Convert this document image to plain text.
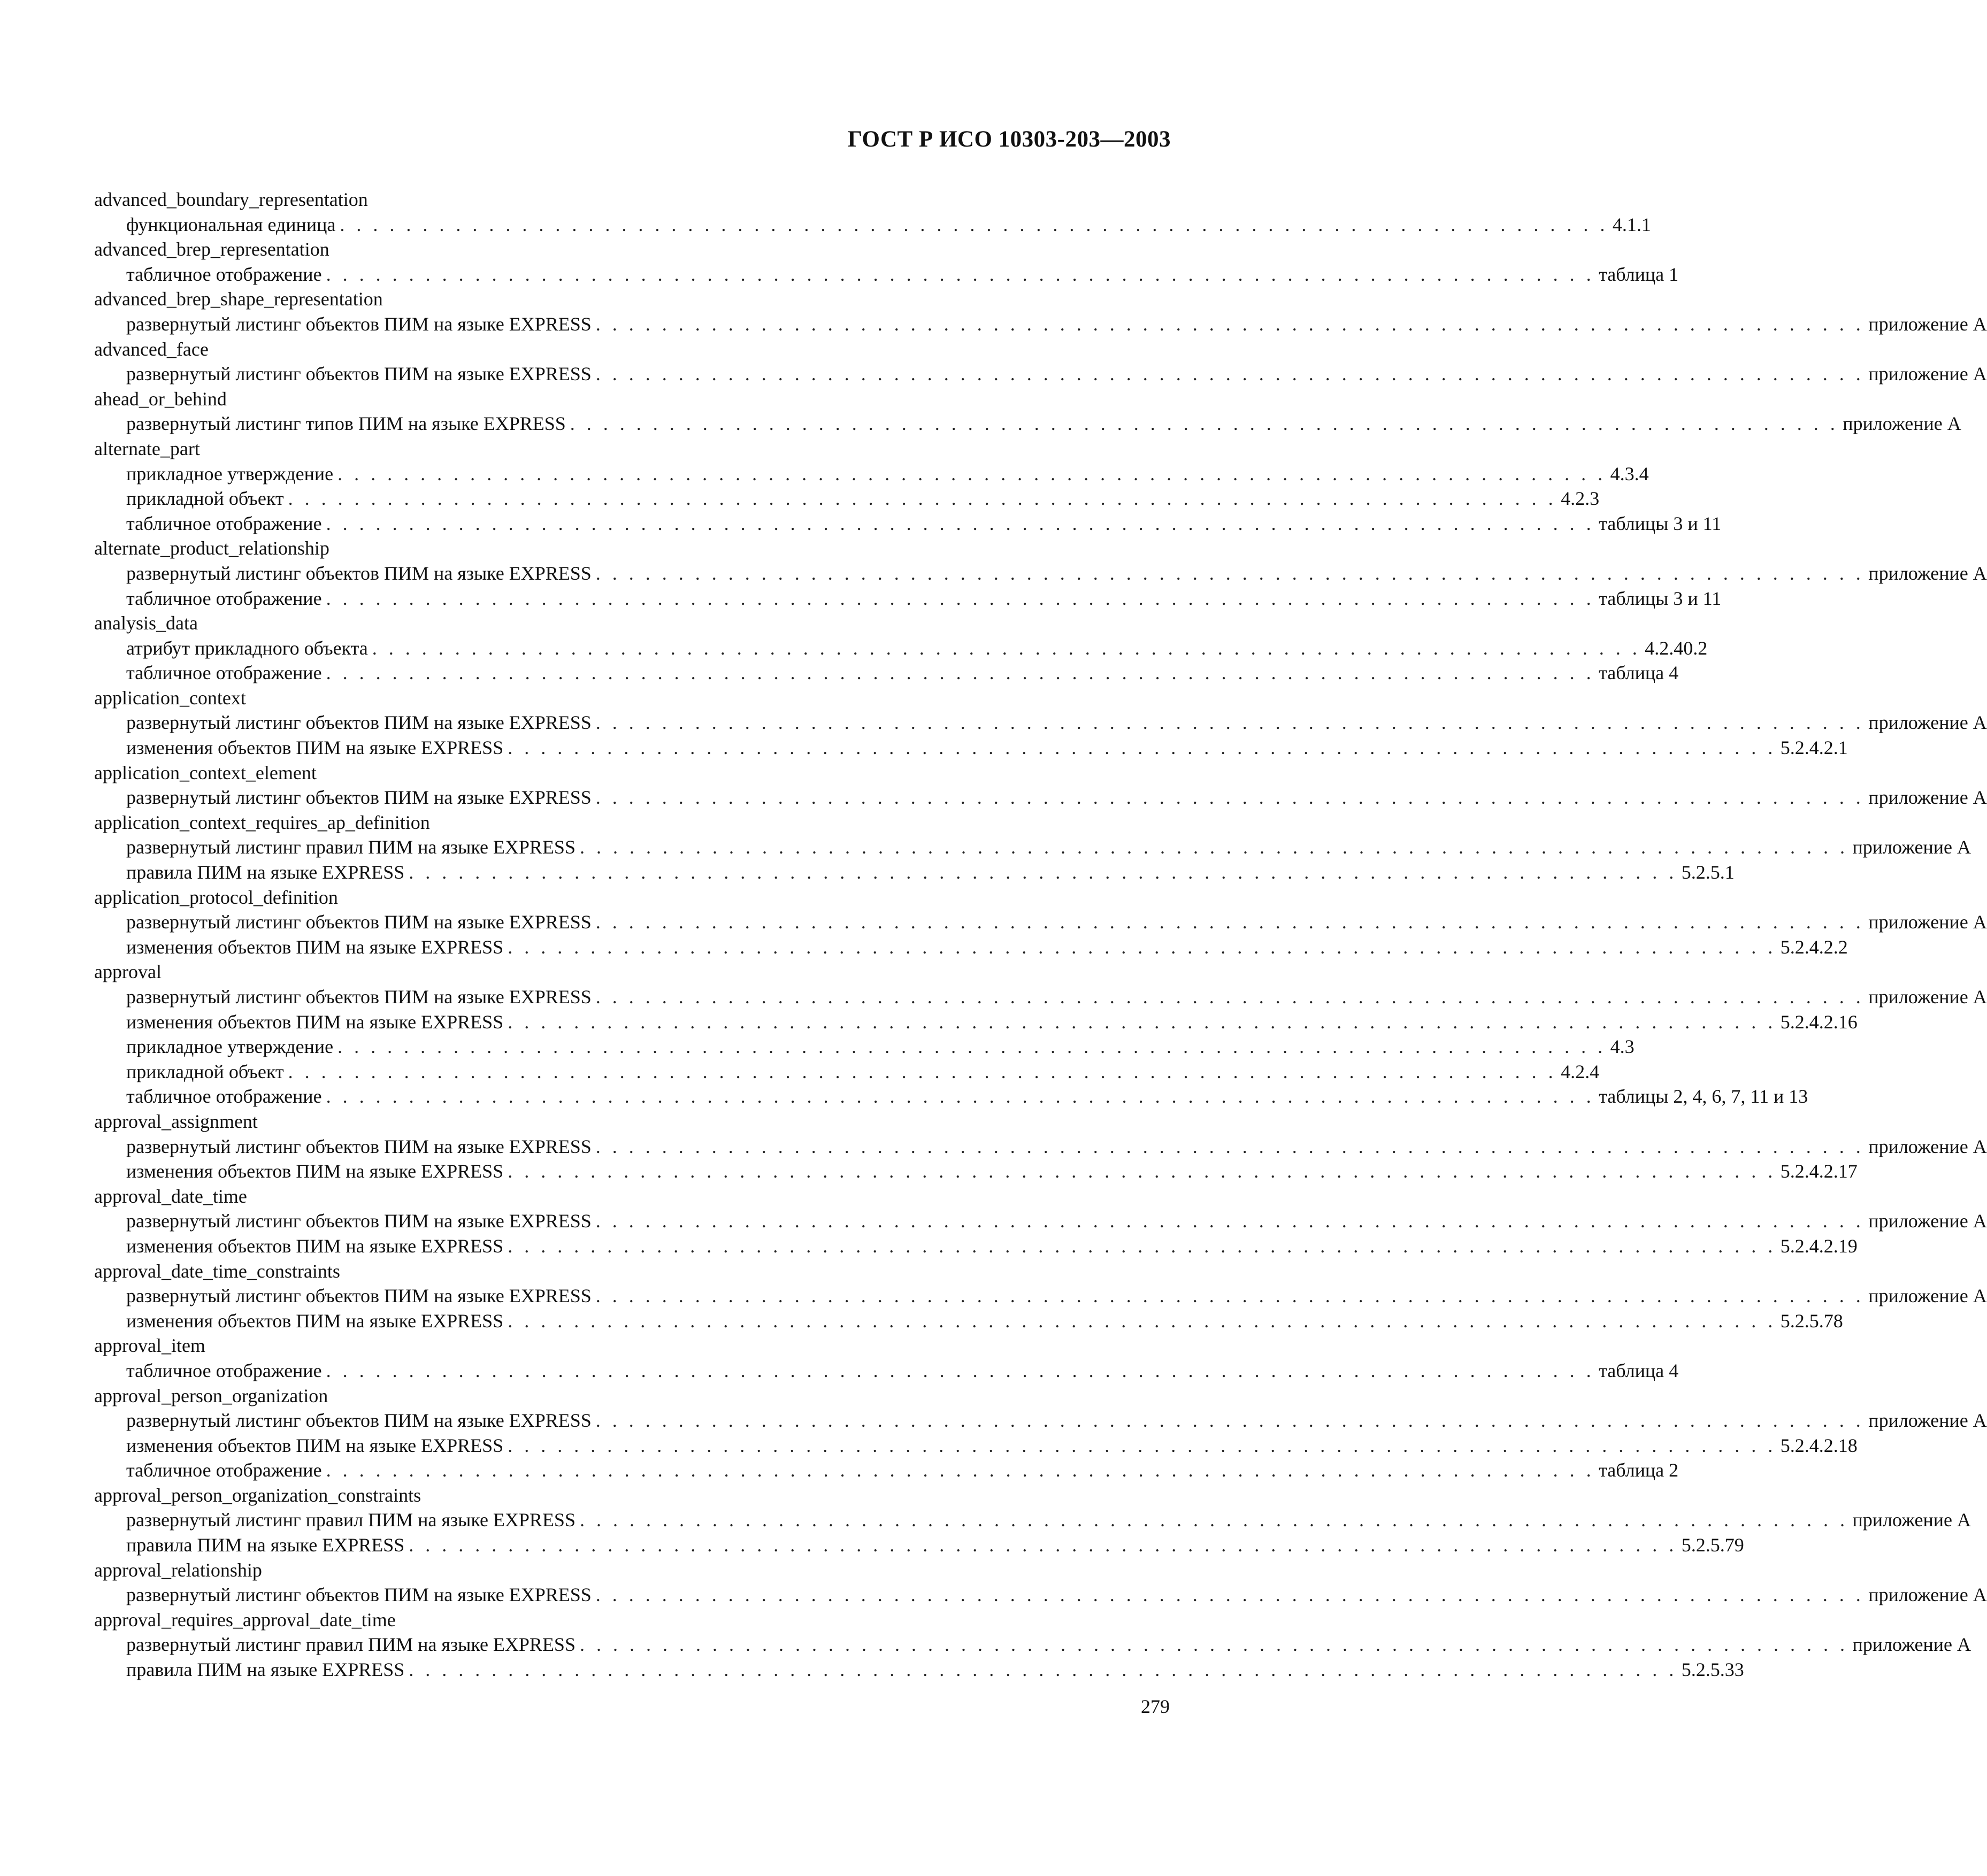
ГОСТ Р ИСО 10303-203—2003
advanced_boundary_representation
функциональная единица . . . . . . . . . . . . . . . . . . . . . . . . . . . . . . . . . . . . . . . . . . . . . . . . . . . . . . . . . . . . . . . . . . . . . . . . . . . . . 4.1.1
advanced_brep_representation
табличное отображение . . . . . . . . . . . . . . . . . . . . . . . . . . . . . . . . . . . . . . . . . . . . . . . . . . . . . . . . . . . . . . . . . . . . . . . . . . . . . таблица 1
advanced_brep_shape_representation
развернутый листинг объектов ПИМ на языке EXPRESS . . . . . . . . . . . . . . . . . . . . . . . . . . . . . . . . . . . . . . . . . . . . . . . . . . . . . . . . . . . . . . . . . . . . . . . . . . . . . приложение А
advanced_face
развернутый листинг объектов ПИМ на языке EXPRESS . . . . . . . . . . . . . . . . . . . . . . . . . . . . . . . . . . . . . . . . . . . . . . . . . . . . . . . . . . . . . . . . . . . . . . . . . . . . . приложение А
ahead_or_behind
развернутый листинг типов ПИМ на языке EXPRESS . . . . . . . . . . . . . . . . . . . . . . . . . . . . . . . . . . . . . . . . . . . . . . . . . . . . . . . . . . . . . . . . . . . . . . . . . . . . . приложение А
alternate_part
прикладное утверждение . . . . . . . . . . . . . . . . . . . . . . . . . . . . . . . . . . . . . . . . . . . . . . . . . . . . . . . . . . . . . . . . . . . . . . . . . . . . . 4.3.4
прикладной объект . . . . . . . . . . . . . . . . . . . . . . . . . . . . . . . . . . . . . . . . . . . . . . . . . . . . . . . . . . . . . . . . . . . . . . . . . . . . . 4.2.3
табличное отображение . . . . . . . . . . . . . . . . . . . . . . . . . . . . . . . . . . . . . . . . . . . . . . . . . . . . . . . . . . . . . . . . . . . . . . . . . . . . . таблицы 3 и 11
alternate_product_relationship
развернутый листинг объектов ПИМ на языке EXPRESS . . . . . . . . . . . . . . . . . . . . . . . . . . . . . . . . . . . . . . . . . . . . . . . . . . . . . . . . . . . . . . . . . . . . . . . . . . . . . приложение А
табличное отображение . . . . . . . . . . . . . . . . . . . . . . . . . . . . . . . . . . . . . . . . . . . . . . . . . . . . . . . . . . . . . . . . . . . . . . . . . . . . . таблицы 3 и 11
analysis_data
атрибут прикладного объекта . . . . . . . . . . . . . . . . . . . . . . . . . . . . . . . . . . . . . . . . . . . . . . . . . . . . . . . . . . . . . . . . . . . . . . . . . . . . . 4.2.40.2
табличное отображение . . . . . . . . . . . . . . . . . . . . . . . . . . . . . . . . . . . . . . . . . . . . . . . . . . . . . . . . . . . . . . . . . . . . . . . . . . . . . таблица 4
application_context
развернутый листинг объектов ПИМ на языке EXPRESS . . . . . . . . . . . . . . . . . . . . . . . . . . . . . . . . . . . . . . . . . . . . . . . . . . . . . . . . . . . . . . . . . . . . . . . . . . . . . приложение А
изменения объектов ПИМ на языке EXPRESS . . . . . . . . . . . . . . . . . . . . . . . . . . . . . . . . . . . . . . . . . . . . . . . . . . . . . . . . . . . . . . . . . . . . . . . . . . . . . 5.2.4.2.1
application_context_element
развернутый листинг объектов ПИМ на языке EXPRESS . . . . . . . . . . . . . . . . . . . . . . . . . . . . . . . . . . . . . . . . . . . . . . . . . . . . . . . . . . . . . . . . . . . . . . . . . . . . . приложение А
application_context_requires_ap_definition
развернутый листинг правил ПИМ на языке EXPRESS . . . . . . . . . . . . . . . . . . . . . . . . . . . . . . . . . . . . . . . . . . . . . . . . . . . . . . . . . . . . . . . . . . . . . . . . . . . . . приложение А
правила ПИМ на языке EXPRESS . . . . . . . . . . . . . . . . . . . . . . . . . . . . . . . . . . . . . . . . . . . . . . . . . . . . . . . . . . . . . . . . . . . . . . . . . . . . . 5.2.5.1
application_protocol_definition
развернутый листинг объектов ПИМ на языке EXPRESS . . . . . . . . . . . . . . . . . . . . . . . . . . . . . . . . . . . . . . . . . . . . . . . . . . . . . . . . . . . . . . . . . . . . . . . . . . . . . приложение А
изменения объектов ПИМ на языке EXPRESS . . . . . . . . . . . . . . . . . . . . . . . . . . . . . . . . . . . . . . . . . . . . . . . . . . . . . . . . . . . . . . . . . . . . . . . . . . . . . 5.2.4.2.2
approval
развернутый листинг объектов ПИМ на языке EXPRESS . . . . . . . . . . . . . . . . . . . . . . . . . . . . . . . . . . . . . . . . . . . . . . . . . . . . . . . . . . . . . . . . . . . . . . . . . . . . . приложение А
изменения объектов ПИМ на языке EXPRESS . . . . . . . . . . . . . . . . . . . . . . . . . . . . . . . . . . . . . . . . . . . . . . . . . . . . . . . . . . . . . . . . . . . . . . . . . . . . . 5.2.4.2.16
прикладное утверждение . . . . . . . . . . . . . . . . . . . . . . . . . . . . . . . . . . . . . . . . . . . . . . . . . . . . . . . . . . . . . . . . . . . . . . . . . . . . . 4.3
прикладной объект . . . . . . . . . . . . . . . . . . . . . . . . . . . . . . . . . . . . . . . . . . . . . . . . . . . . . . . . . . . . . . . . . . . . . . . . . . . . . 4.2.4
табличное отображение . . . . . . . . . . . . . . . . . . . . . . . . . . . . . . . . . . . . . . . . . . . . . . . . . . . . . . . . . . . . . . . . . . . . . . . . . . . . . таблицы 2, 4, 6, 7, 11 и 13
approval_assignment
развернутый листинг объектов ПИМ на языке EXPRESS . . . . . . . . . . . . . . . . . . . . . . . . . . . . . . . . . . . . . . . . . . . . . . . . . . . . . . . . . . . . . . . . . . . . . . . . . . . . . приложение А
изменения объектов ПИМ на языке EXPRESS . . . . . . . . . . . . . . . . . . . . . . . . . . . . . . . . . . . . . . . . . . . . . . . . . . . . . . . . . . . . . . . . . . . . . . . . . . . . . 5.2.4.2.17
approval_date_time
развернутый листинг объектов ПИМ на языке EXPRESS . . . . . . . . . . . . . . . . . . . . . . . . . . . . . . . . . . . . . . . . . . . . . . . . . . . . . . . . . . . . . . . . . . . . . . . . . . . . . приложение А
изменения объектов ПИМ на языке EXPRESS . . . . . . . . . . . . . . . . . . . . . . . . . . . . . . . . . . . . . . . . . . . . . . . . . . . . . . . . . . . . . . . . . . . . . . . . . . . . . 5.2.4.2.19
approval_date_time_constraints
развернутый листинг объектов ПИМ на языке EXPRESS . . . . . . . . . . . . . . . . . . . . . . . . . . . . . . . . . . . . . . . . . . . . . . . . . . . . . . . . . . . . . . . . . . . . . . . . . . . . . приложение А
изменения объектов ПИМ на языке EXPRESS . . . . . . . . . . . . . . . . . . . . . . . . . . . . . . . . . . . . . . . . . . . . . . . . . . . . . . . . . . . . . . . . . . . . . . . . . . . . . 5.2.5.78
approval_item
табличное отображение . . . . . . . . . . . . . . . . . . . . . . . . . . . . . . . . . . . . . . . . . . . . . . . . . . . . . . . . . . . . . . . . . . . . . . . . . . . . . таблица 4
approval_person_organization
развернутый листинг объектов ПИМ на языке EXPRESS . . . . . . . . . . . . . . . . . . . . . . . . . . . . . . . . . . . . . . . . . . . . . . . . . . . . . . . . . . . . . . . . . . . . . . . . . . . . . приложение А
изменения объектов ПИМ на языке EXPRESS . . . . . . . . . . . . . . . . . . . . . . . . . . . . . . . . . . . . . . . . . . . . . . . . . . . . . . . . . . . . . . . . . . . . . . . . . . . . . 5.2.4.2.18
табличное отображение . . . . . . . . . . . . . . . . . . . . . . . . . . . . . . . . . . . . . . . . . . . . . . . . . . . . . . . . . . . . . . . . . . . . . . . . . . . . . таблица 2
approval_person_organization_constraints
развернутый листинг правил ПИМ на языке EXPRESS . . . . . . . . . . . . . . . . . . . . . . . . . . . . . . . . . . . . . . . . . . . . . . . . . . . . . . . . . . . . . . . . . . . . . . . . . . . . . приложение А
правила ПИМ на языке EXPRESS . . . . . . . . . . . . . . . . . . . . . . . . . . . . . . . . . . . . . . . . . . . . . . . . . . . . . . . . . . . . . . . . . . . . . . . . . . . . . 5.2.5.79
approval_relationship
развернутый листинг объектов ПИМ на языке EXPRESS . . . . . . . . . . . . . . . . . . . . . . . . . . . . . . . . . . . . . . . . . . . . . . . . . . . . . . . . . . . . . . . . . . . . . . . . . . . . . приложение А
approval_requires_approval_date_time
развернутый листинг правил ПИМ на языке EXPRESS . . . . . . . . . . . . . . . . . . . . . . . . . . . . . . . . . . . . . . . . . . . . . . . . . . . . . . . . . . . . . . . . . . . . . . . . . . . . . приложение А
правила ПИМ на языке EXPRESS . . . . . . . . . . . . . . . . . . . . . . . . . . . . . . . . . . . . . . . . . . . . . . . . . . . . . . . . . . . . . . . . . . . . . . . . . . . . . 5.2.5.33
279
